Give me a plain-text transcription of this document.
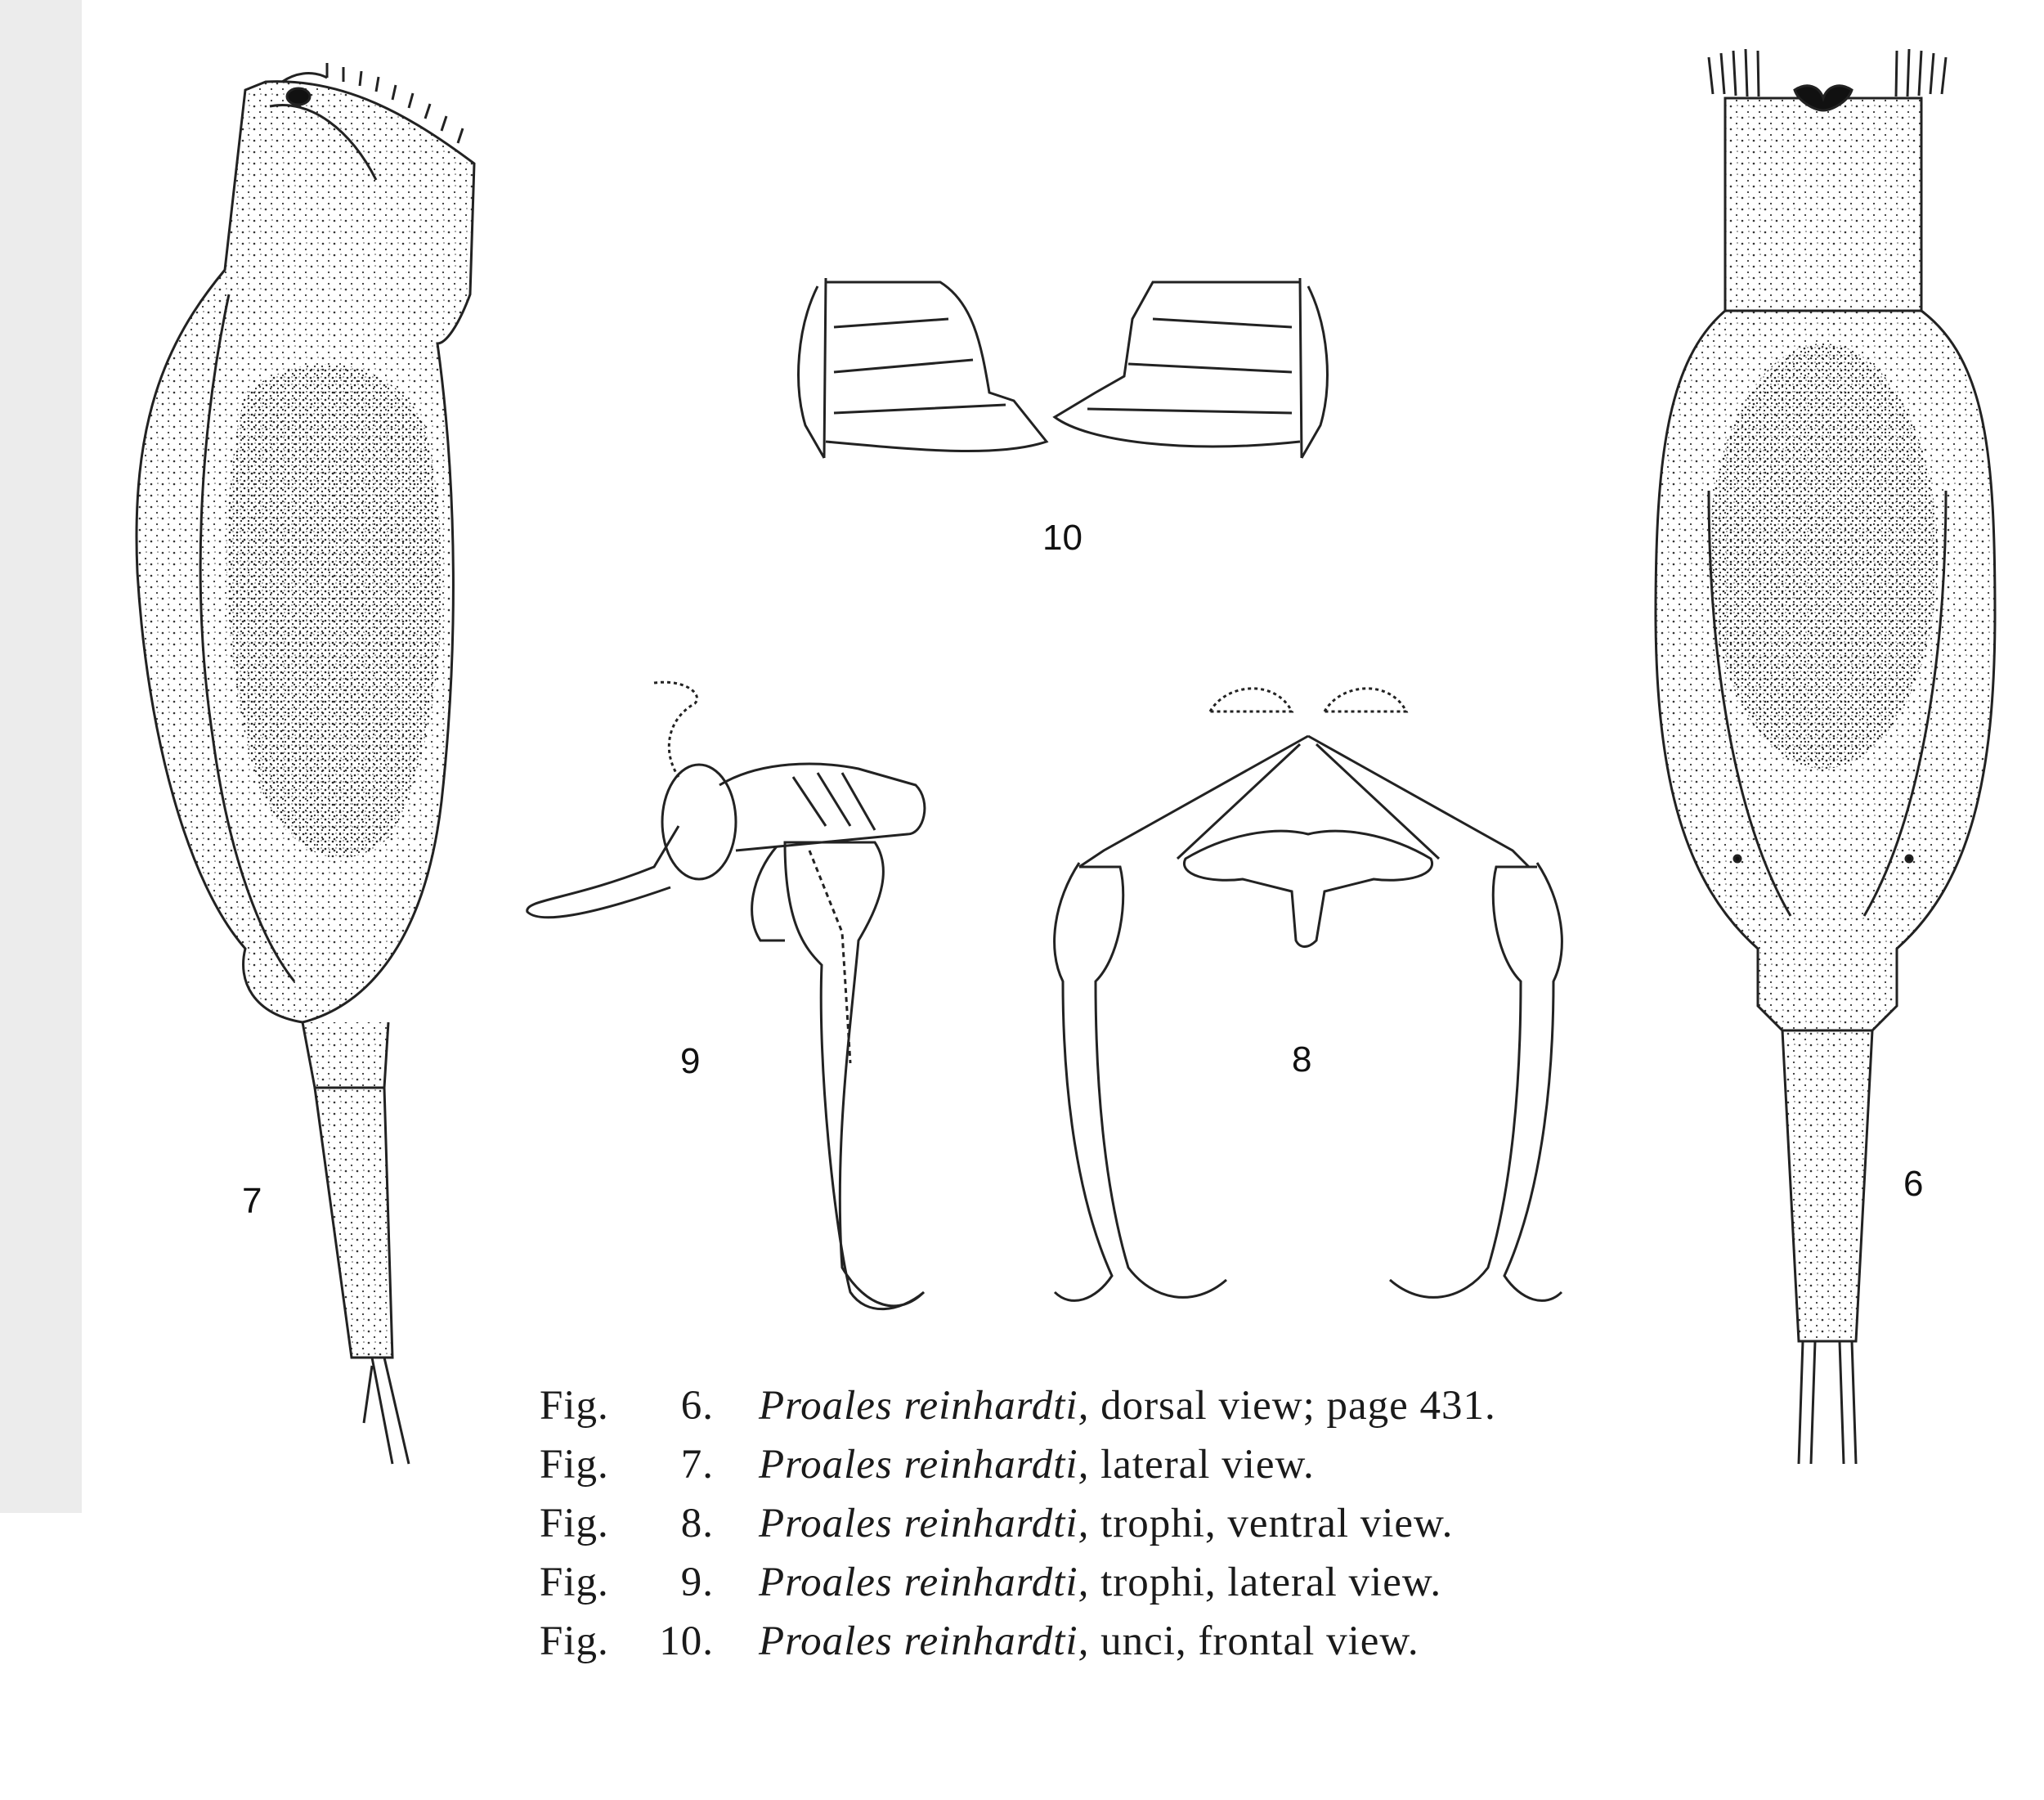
7
10
9	8
6
Fig. 6. Proales reinhardti, dorsal view; page 431.
Fig. 7. Proales reinhardti, lateral view.
Fig. 8. Proales reinhardti, trophi, ventral view.
Fig. 9. Proales reinhardti, trophi, lateral view.
Fig. 10. Proales reinhardti, unci, frontal view.
